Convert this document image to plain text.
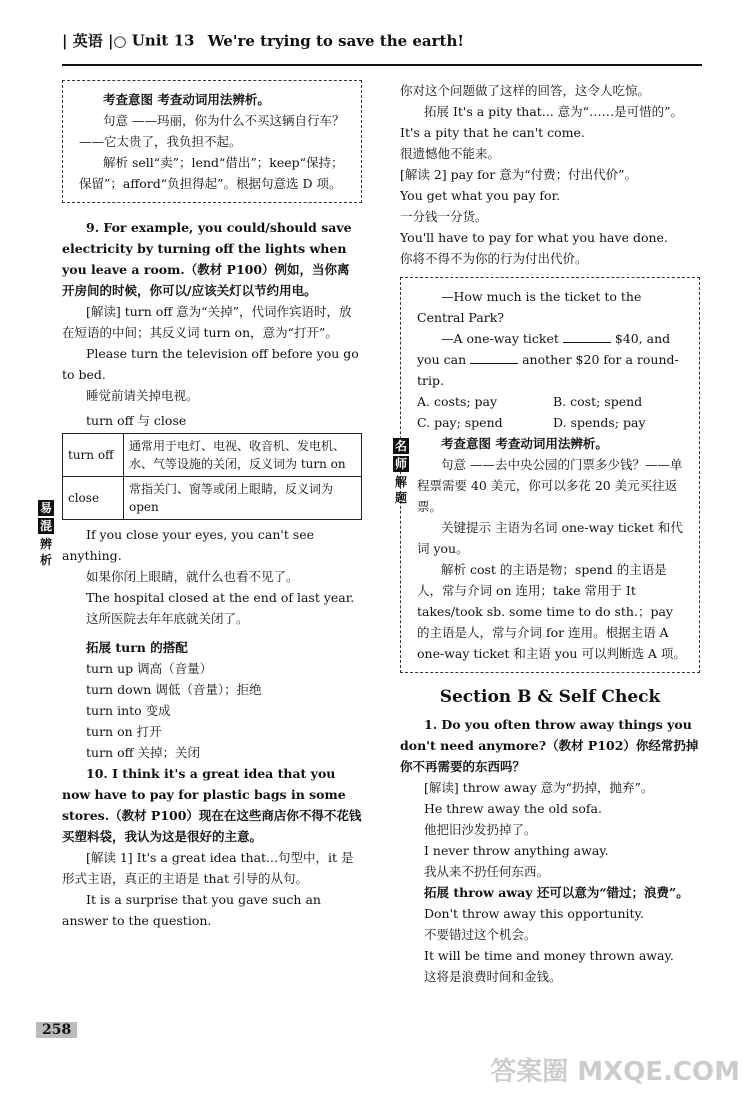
| 英语 |○ Unit 13 We're trying to save the earth!

考查意图 考查动词用法辨析。

句意 ——玛丽，你为什么不买这辆自行车？——它太贵了，我负担不起。

解析 sell“卖”；lend“借出”；keep“保持；保留”；afford“负担得起”。根据句意选 D 项。

9. For example, you could/should save electricity by turning off the lights when you leave a room.（教材 P100）例如，当你离开房间的时候，你可以/应该关灯以节约用电。

[解读] turn off 意为“关掉”，代词作宾语时，放在短语的中间；其反义词 turn on，意为“打开”。

Please turn the television off before you go to bed.

睡觉前请关掉电视。

易
混
辨析

turn off 与 close

turn off	通常用于电灯、电视、收音机、发电机、水、气等设施的关闭，反义词为 turn on
close	常指关门、窗等或闭上眼睛，反义词为 open

If you close your eyes, you can't see anything.

如果你闭上眼睛，就什么也看不见了。

The hospital closed at the end of last year.

这所医院去年年底就关闭了。

拓展 turn 的搭配

turn up 调高（音量）

turn down 调低（音量）；拒绝

turn into 变成

turn on 打开

turn off 关掉；关闭

10. I think it's a great idea that you now have to pay for plastic bags in some stores.（教材 P100）现在在这些商店你不得不花钱买塑料袋，我认为这是很好的主意。

[解读 1] It's a great idea that...句型中，it 是形式主语，真正的主语是 that 引导的从句。

It is a surprise that you gave such an answer to the question.

你对这个问题做了这样的回答，这令人吃惊。

拓展 It's a pity that... 意为“……是可惜的”。

It's a pity that he can't come.

很遗憾他不能来。

[解读 2] pay for 意为“付费；付出代价”。

You get what you pay for.

一分钱一分货。

You'll have to pay for what you have done.

你将不得不为你的行为付出代价。

名
师
解题

—How much is the ticket to the Central Park?

—A one-way ticket	$40, and you can	another $20 for a round-trip.

A. costs; pay	B. cost; spend
C. pay; spend	D. spends; pay

考查意图 考查动词用法辨析。

句意 ——去中央公园的门票多少钱？——单程票需要 40 美元，你可以多花 20 美元买往返票。

关键提示 主语为名词 one-way ticket 和代词 you。

解析 cost 的主语是物；spend 的主语是人，常与介词 on 连用；take 常用于 It takes/took sb. some time to do sth.；pay 的主语是人，常与介词 for 连用。根据主语 A one-way ticket 和主语 you 可以判断选 A 项。

Section B & Self Check

1. Do you often throw away things you don't need anymore?（教材 P102）你经常扔掉你不再需要的东西吗？

[解读] throw away 意为“扔掉，抛弃”。

He threw away the old sofa.

他把旧沙发扔掉了。

I never throw anything away.

我从来不扔任何东西。

拓展 throw away 还可以意为“错过；浪费”。

Don't throw away this opportunity.

不要错过这个机会。

It will be time and money thrown away.

这将是浪费时间和金钱。

258
答案圈 MXQE.COM
